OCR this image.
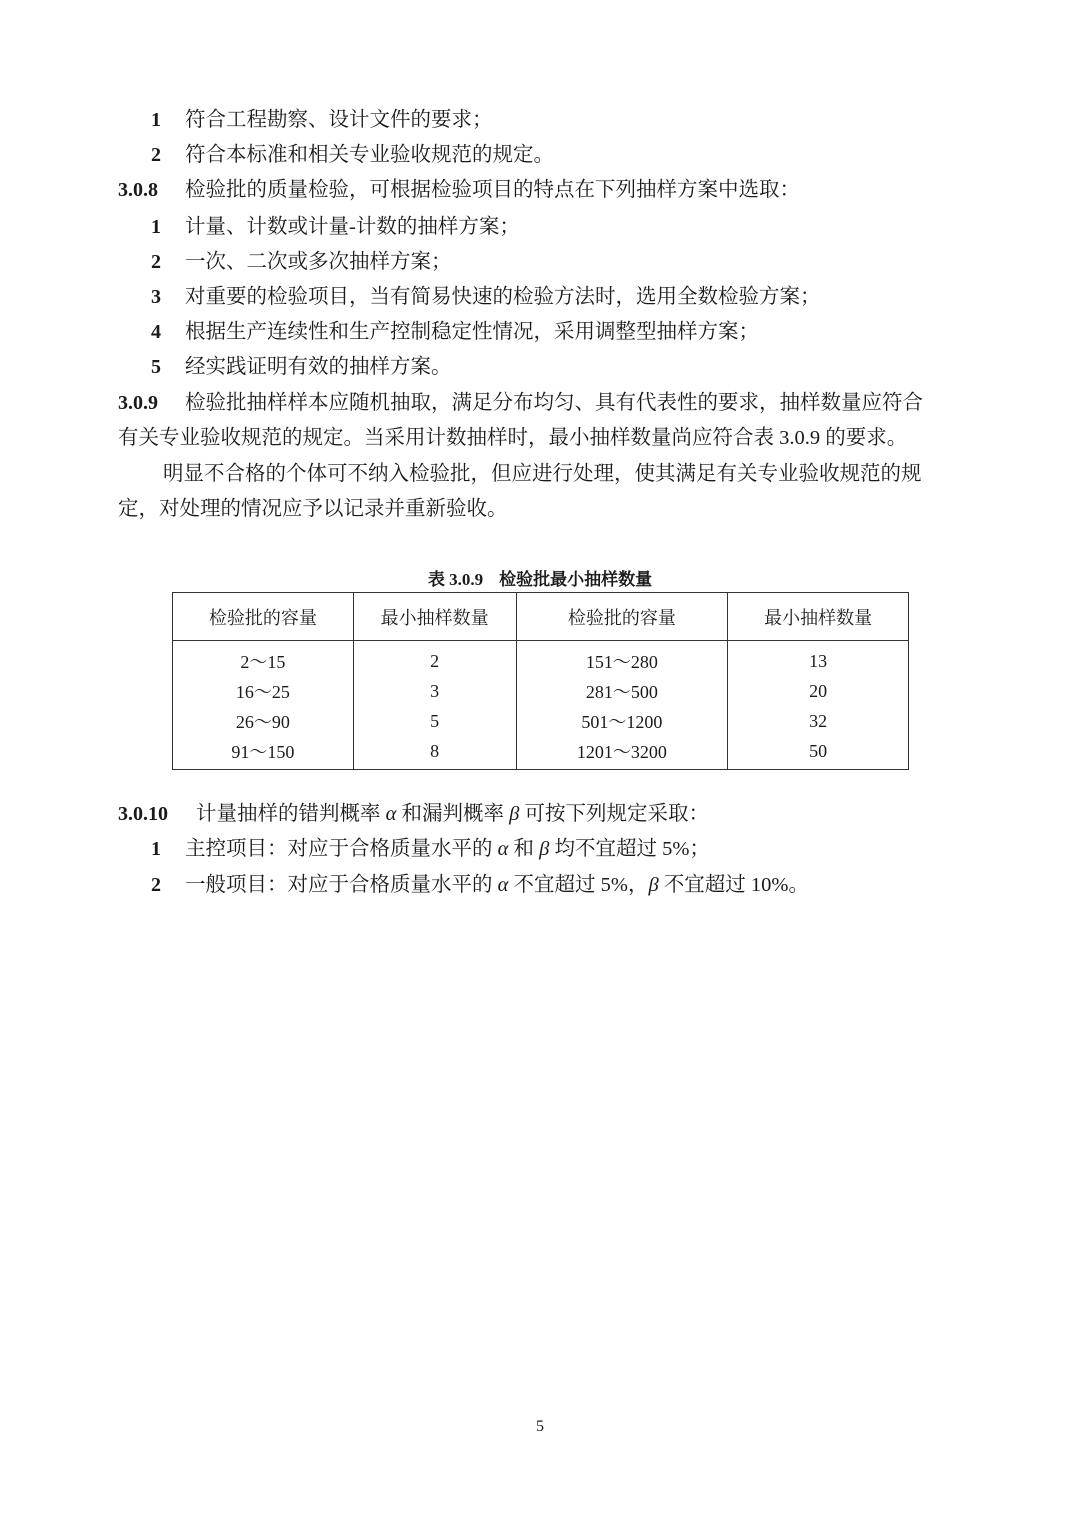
1 符合工程勘察、设计文件的要求；
2 符合本标准和相关专业验收规范的规定。
3.0.8 检验批的质量检验，可根据检验项目的特点在下列抽样方案中选取：
1 计量、计数或计量-计数的抽样方案；
2 一次、二次或多次抽样方案；
3 对重要的检验项目，当有简易快速的检验方法时，选用全数检验方案；
4 根据生产连续性和生产控制稳定性情况，采用调整型抽样方案；
5 经实践证明有效的抽样方案。
3.0.9 检验批抽样样本应随机抽取，满足分布均匀、具有代表性的要求，抽样数量应符合
有关专业验收规范的规定。当采用计数抽样时，最小抽样数量尚应符合表 3.0.9 的要求。
明显不合格的个体可不纳入检验批，但应进行处理，使其满足有关专业验收规范的规
定，对处理的情况应予以记录并重新验收。
表 3.0.9 检验批最小抽样数量
检验批的容量	最小抽样数量	检验批的容量	最小抽样数量
2～15	2	151～280	13
16～25	3	281～500	20
26～90	5	501～1200	32
91～150	8	1201～3200	50
3.0.10 计量抽样的错判概率 α 和漏判概率 β 可按下列规定采取：
1 主控项目：对应于合格质量水平的 α 和 β 均不宜超过 5%；
2 一般项目：对应于合格质量水平的 α 不宜超过 5%，β 不宜超过 10%。
5
